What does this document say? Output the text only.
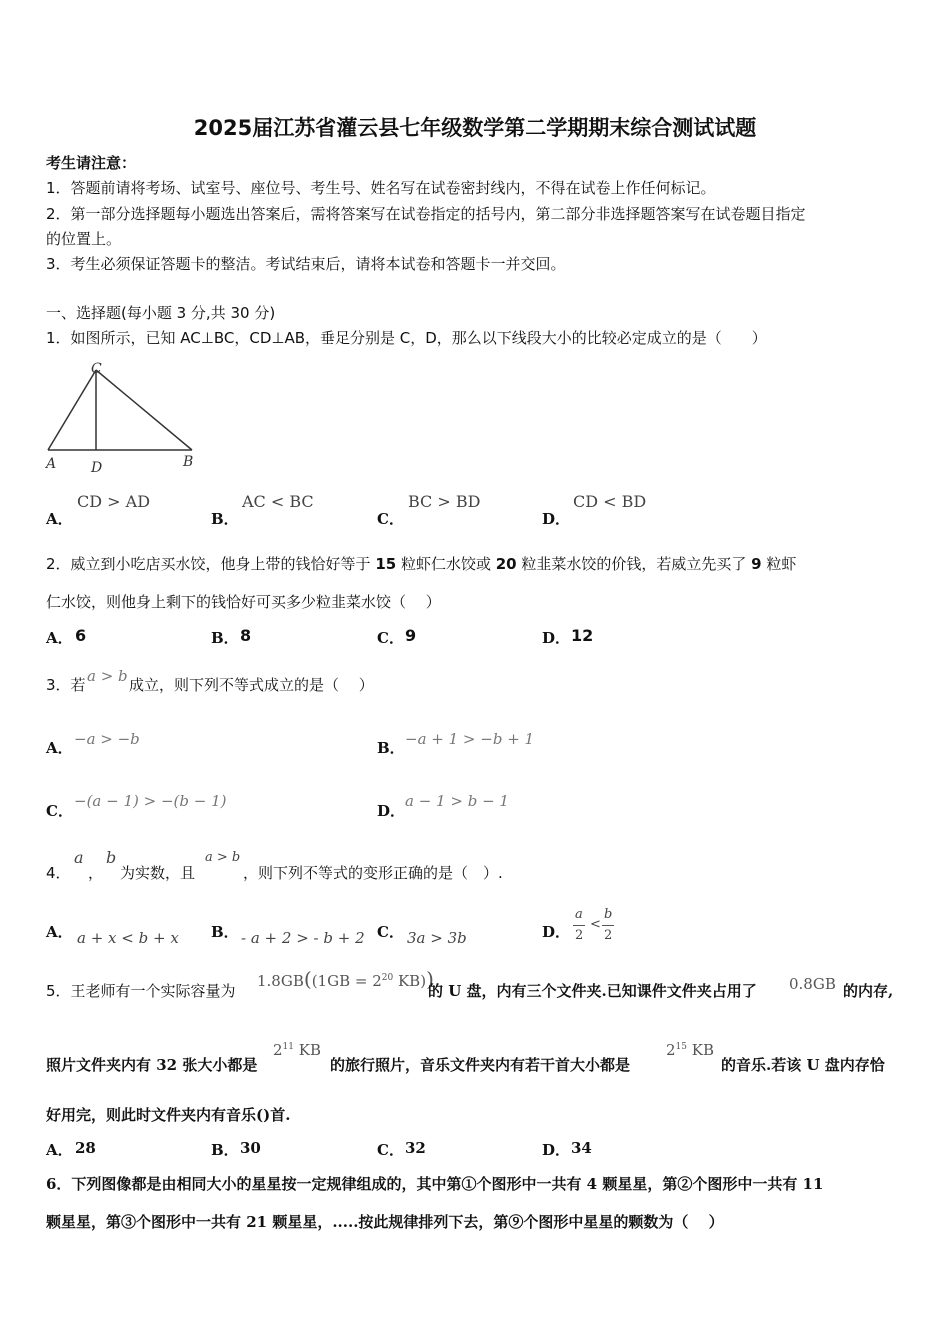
2025届江苏省灌云县七年级数学第二学期期末综合测试试题
考生请注意：
1．答题前请将考场、试室号、座位号、考生号、姓名写在试卷密封线内，不得在试卷上作任何标记。
2．第一部分选择题每小题选出答案后，需将答案写在试卷指定的括号内，第二部分非选择题答案写在试卷题目指定
的位置上。
3．考生必须保证答题卡的整洁。考试结束后，请将本试卷和答题卡一并交回。
一、选择题(每小题 3 分,共 30 分)
1．如图所示，已知 AC⊥BC，CD⊥AB，垂足分别是 C，D，那么以下线段大小的比较必定成立的是（　　）
C
A D	B
A．
CD > AD
B．
AC < BC
C．
BC > BD
D．
CD < BD
2．威立到小吃店买水饺，他身上带的钱恰好等于 15 粒虾仁水饺或 20 粒韭菜水饺的价钱，若威立先买了 9 粒虾
仁水饺，则他身上剩下的钱恰好可买多少粒韭菜水饺（　 ）
A． 6	B． 8	C． 9	D． 12
3．若 a > b 成立，则下列不等式成立的是（　 ）
A． −a > −b	B． −a + 1 > −b + 1
C．
−(a − 1) > −(b − 1)
D．
a − 1 > b − 1
4．
a
，
b
为实数，且
a > b
，则下列不等式的变形正确的是（　）.
A． a + x < b + x B． - a + 2 > - b + 2 C． 3a > 3b	D．
a
2
<
b
2
5．王老师有一个实际容量为
$1.8GB((1GB = 2^{20}$ KB))
的 U 盘，内有三个文件夹.已知课件文件夹占用了 0.8GB 的内存,
照片文件夹内有 32 张大小都是
$2^{11}$ KB
的旅行照片，音乐文件夹内有若干首大小都是
$2^{15}$ KB
的音乐.若该 U 盘内存恰
好用完，则此时文件夹内有音乐()首.
A． 28	B． 30	C． 32	D． 34
6．下列图像都是由相同大小的星星按一定规律组成的，其中第①个图形中一共有 4 颗星星，第②个图形中一共有 11
颗星星，第③个图形中一共有 21 颗星星，.....按此规律排列下去，第⑨个图形中星星的颗数为（　 ）
